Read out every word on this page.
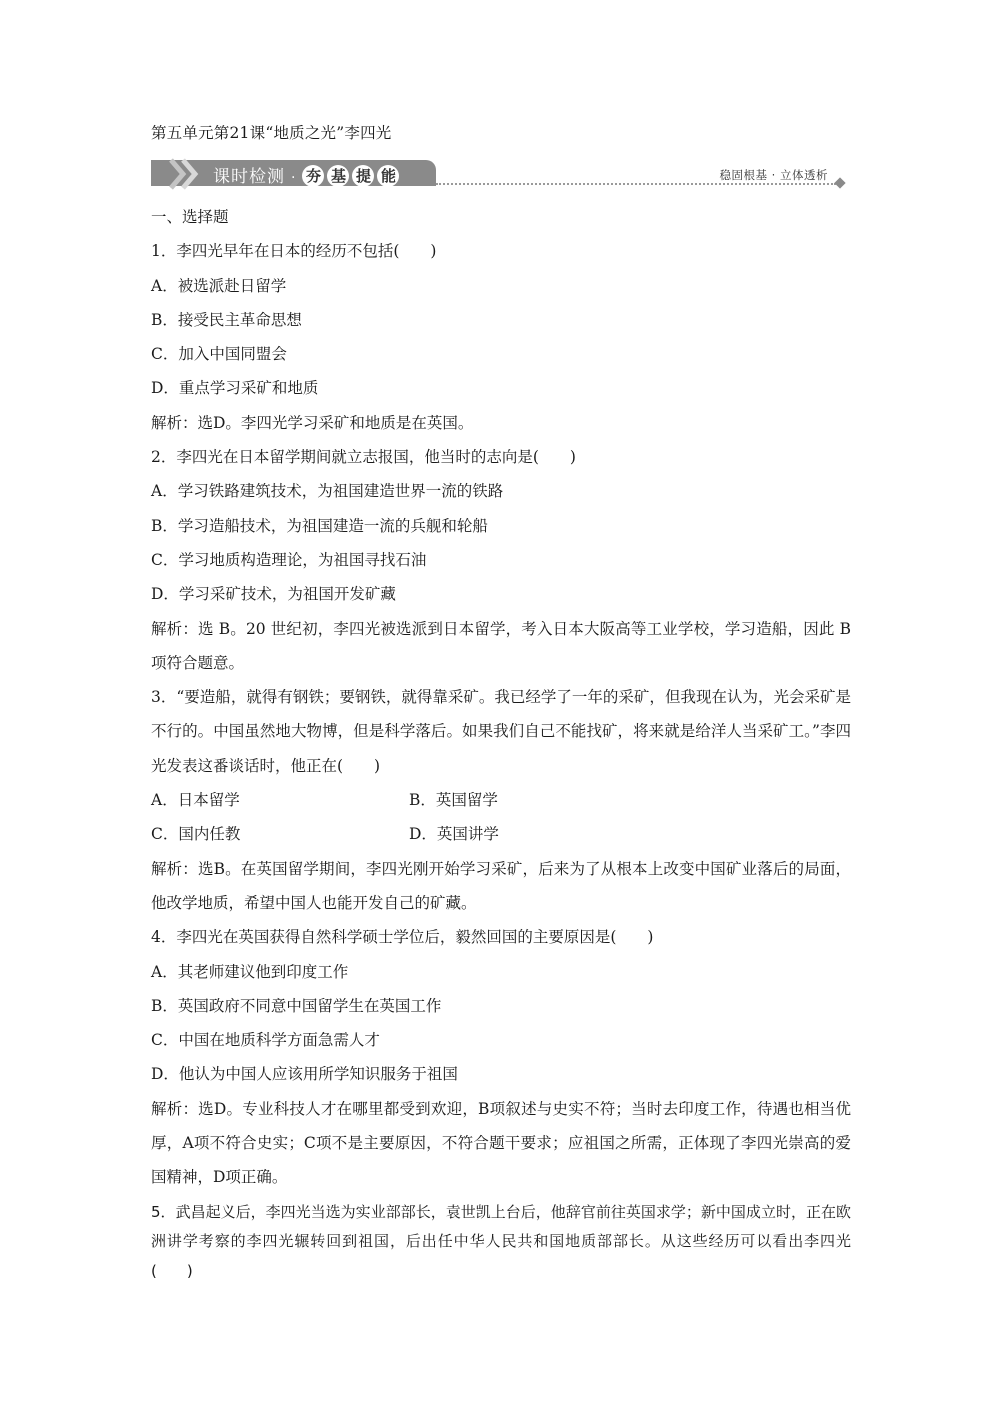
第五单元第21课“地质之光”李四光
课时检测 · 夯 基 提 能	稳固根基 · 立体透析
一、选择题
1．李四光早年在日本的经历不包括(　　)
A．被选派赴日留学
B．接受民主革命思想
C．加入中国同盟会
D．重点学习采矿和地质
解析：选D。李四光学习采矿和地质是在英国。
2．李四光在日本留学期间就立志报国，他当时的志向是(　　)
A．学习铁路建筑技术，为祖国建造世界一流的铁路
B．学习造船技术，为祖国建造一流的兵舰和轮船
C．学习地质构造理论，为祖国寻找石油
D．学习采矿技术，为祖国开发矿藏
解析：选 B。20 世纪初，李四光被选派到日本留学，考入日本大阪高等工业学校，学习造船，因此 B 项符合题意。
3．“要造船，就得有钢铁；要钢铁，就得靠采矿。我已经学了一年的采矿，但我现在认为，光会采矿是不行的。中国虽然地大物博，但是科学落后。如果我们自己不能找矿，将来就是给洋人当采矿工。”李四光发表这番谈话时，他正在(　　)
A．日本留学	B．英国留学
C．国内任教	D．英国讲学
解析：选B。在英国留学期间，李四光刚开始学习采矿，后来为了从根本上改变中国矿业落后的局面，他改学地质，希望中国人也能开发自己的矿藏。
4．李四光在英国获得自然科学硕士学位后，毅然回国的主要原因是(　　)
A．其老师建议他到印度工作
B．英国政府不同意中国留学生在英国工作
C．中国在地质科学方面急需人才
D．他认为中国人应该用所学知识服务于祖国
解析：选D。专业科技人才在哪里都受到欢迎，B项叙述与史实不符；当时去印度工作，待遇也相当优厚，A项不符合史实；C项不是主要原因，不符合题干要求；应祖国之所需，正体现了李四光崇高的爱国精神，D项正确。
5．武昌起义后，李四光当选为实业部部长，袁世凯上台后，他辞官前往英国求学；新中国成立时，正在欧洲讲学考察的李四光辗转回到祖国，后出任中华人民共和国地质部部长。从这些经历可以看出李四光(　　)
